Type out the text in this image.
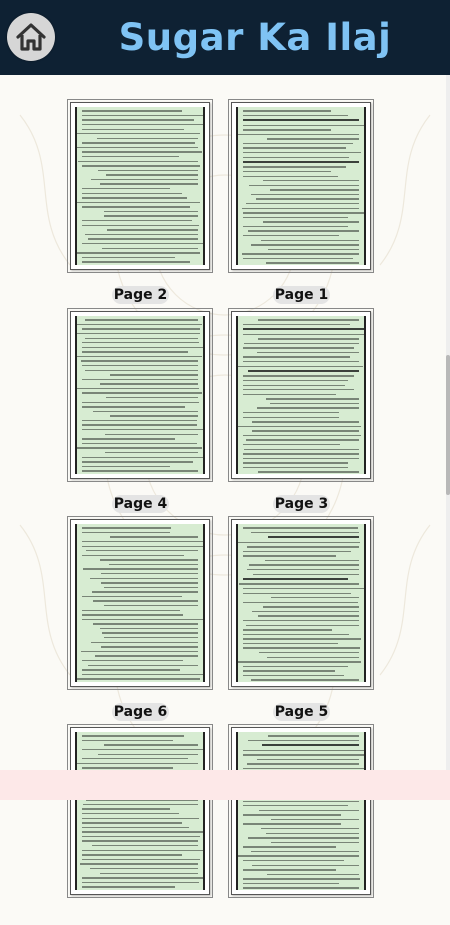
Sugar Ka Ilaj
Page 2	Page 1
Page 4	Page 3
Page 6	Page 5
